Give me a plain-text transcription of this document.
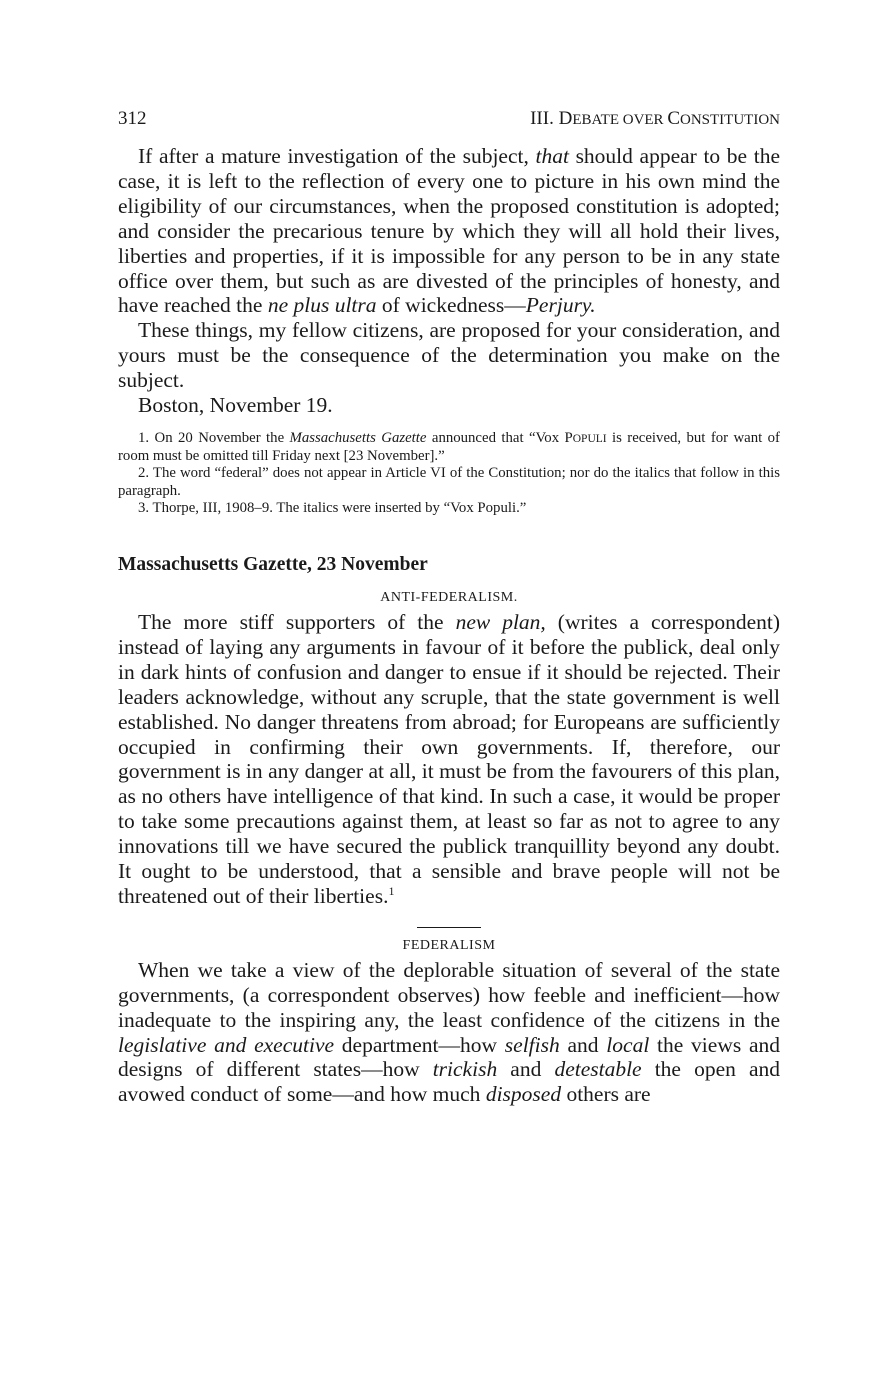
312	III. DEBATE OVER CONSTITUTION

If after a mature investigation of the subject, that should appear to be the case, it is left to the reflection of every one to picture in his own mind the eligibility of our circumstances, when the proposed constitution is adopted; and consider the precarious tenure by which they will all hold their lives, liberties and properties, if it is impossible for any person to be in any state office over them, but such as are divested of the principles of honesty, and have reached the ne plus ultra of wickedness—Perjury.

These things, my fellow citizens, are proposed for your consideration, and yours must be the consequence of the determination you make on the subject.

Boston, November 19.

1. On 20 November the Massachusetts Gazette announced that “Vox POPULI is received, but for want of room must be omitted till Friday next [23 November].”

2. The word “federal” does not appear in Article VI of the Constitution; nor do the italics that follow in this paragraph.

3. Thorpe, III, 1908–9. The italics were inserted by “Vox Populi.”

Massachusetts Gazette, 23 November
ANTI-FEDERALISM.

The more stiff supporters of the new plan, (writes a correspondent) instead of laying any arguments in favour of it before the publick, deal only in dark hints of confusion and danger to ensue if it should be rejected. Their leaders acknowledge, without any scruple, that the state government is well established. No danger threatens from abroad; for Europeans are sufficiently occupied in confirming their own governments. If, therefore, our government is in any danger at all, it must be from the favourers of this plan, as no others have intelligence of that kind. In such a case, it would be proper to take some precautions against them, at least so far as not to agree to any innovations till we have secured the publick tranquillity beyond any doubt. It ought to be understood, that a sensible and brave people will not be threatened out of their liberties.$^1$

FEDERALISM

When we take a view of the deplorable situation of several of the state governments, (a correspondent observes) how feeble and inefficient—how inadequate to the inspiring any, the least confidence of the citizens in the legislative and executive department—how selfish and local the views and designs of different states—how trickish and detestable the open and avowed conduct of some—and how much disposed others are
